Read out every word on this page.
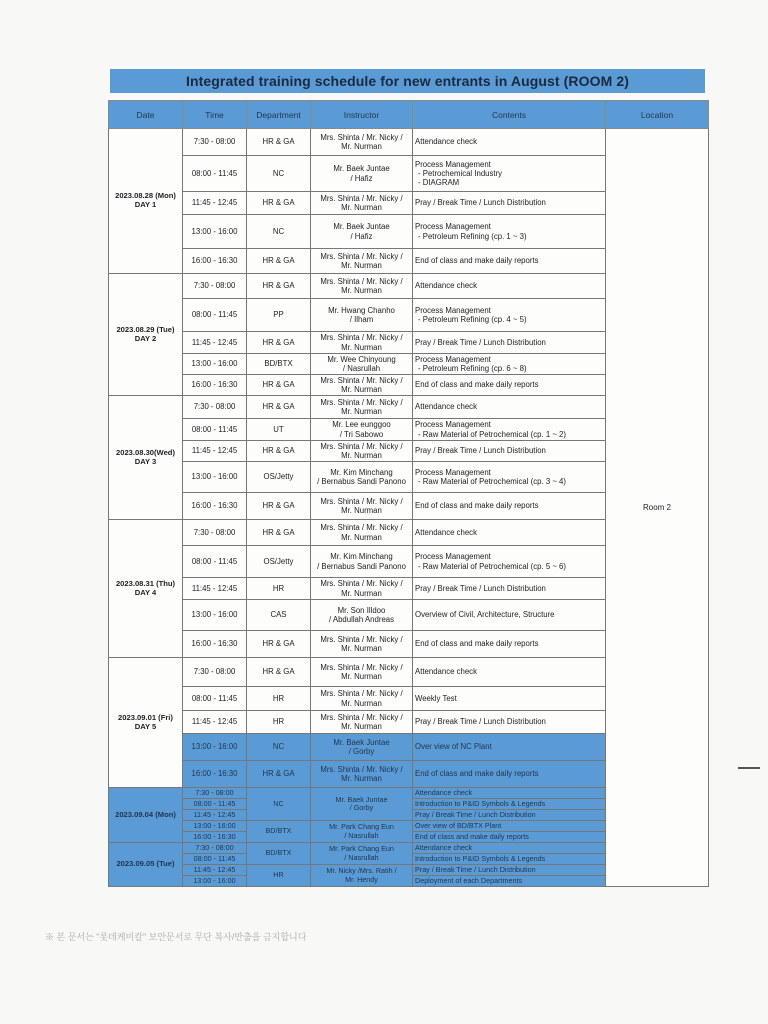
Integrated training schedule for new entrants in August (ROOM 2)
Date	Time	Department	Instructor	Contents	Location

2023.08.28 (Mon)
DAY 1	7:30 - 08:00	HR & GA	Mrs. Shinta / Mr. Nicky /
Mr. Nurman	Attendance check	Room 2
	08:00 - 11:45	NC	Mr. Baek Juntae
/ Hafiz	Process Management
- Petrochemical Industry
- DIAGRAM	

	11:45 - 12:45	HR & GA	Mrs. Shinta / Mr. Nicky /
Mr. Nurman	Pray / Break Time / Lunch Distribution	

	13:00 - 16:00	NC	Mr. Baek Juntae
/ Hafiz	Process Management
- Petroleum Refining (cp. 1 ~ 3)	

	16:00 - 16:30	HR & GA	Mrs. Shinta / Mr. Nicky /
Mr. Nurman	End of class and make daily reports	

2023.08.29 (Tue)
DAY 2	7:30 - 08:00	HR & GA	Mrs. Shinta / Mr. Nicky /
Mr. Nurman	Attendance check	

	08:00 - 11:45	PP	Mr. Hwang Chanho
/ Ilham	Process Management
- Petroleum Refining (cp. 4 ~ 5)	

	11:45 - 12:45	HR & GA	Mrs. Shinta / Mr. Nicky /
Mr. Nurman	Pray / Break Time / Lunch Distribution	

	13:00 - 16:00	BD/BTX	Mr. Wee Chinyoung
/ Nasrullah	Process Management
- Petroleum Refining (cp. 6 ~ 8)	

	16:00 - 16:30	HR & GA	Mrs. Shinta / Mr. Nicky /
Mr. Nurman	End of class and make daily reports	

2023.08.30(Wed)
DAY 3	7:30 - 08:00	HR & GA	Mrs. Shinta / Mr. Nicky /
Mr. Nurman	Attendance check	

	08:00 - 11:45	UT	Mr. Lee eunggoo
/ Tri Sabowo	Process Management
- Raw Material of Petrochemical (cp. 1 ~ 2)	

	11:45 - 12:45	HR & GA	Mrs. Shinta / Mr. Nicky /
Mr. Nurman	Pray / Break Time / Lunch Distribution	

	13:00 - 16:00	OS/Jetty	Mr. Kim Minchang
/ Bernabus Sandi Panono	Process Management
- Raw Material of Petrochemical (cp. 3 ~ 4)	

	16:00 - 16:30	HR & GA	Mrs. Shinta / Mr. Nicky /
Mr. Nurman	End of class and make daily reports	

2023.08.31 (Thu)
DAY 4	7:30 - 08:00	HR & GA	Mrs. Shinta / Mr. Nicky /
Mr. Nurman	Attendance check	

	08:00 - 11:45	OS/Jetty	Mr. Kim Minchang
/ Bernabus Sandi Panono	Process Management
- Raw Material of Petrochemical (cp. 5 ~ 6)	

	11:45 - 12:45	HR	Mrs. Shinta / Mr. Nicky /
Mr. Nurman	Pray / Break Time / Lunch Distribution	

	13:00 - 16:00	CAS	Mr. Son Illdoo
/ Abdullah Andreas	Overview of Civil, Architecture, Structure	

	16:00 - 16:30	HR & GA	Mrs. Shinta / Mr. Nicky /
Mr. Nurman	End of class and make daily reports	

2023.09.01 (Fri)
DAY 5	7:30 - 08:00	HR & GA	Mrs. Shinta / Mr. Nicky /
Mr. Nurman	Attendance check	

	08:00 - 11:45	HR	Mrs. Shinta / Mr. Nicky /
Mr. Nurman	Weekly Test	

	11:45 - 12:45	HR	Mrs. Shinta / Mr. Nicky /
Mr. Nurman	Pray / Break Time / Lunch Distribution	

	13:00 - 16:00	NC	Mr. Baek Juntae
/ Gorby	Over view of NC Plant	

	16:00 - 16:30	HR & GA	Mrs. Shinta / Mr. Nicky /
Mr. Nurman	End of class and make daily reports	

2023.09.04 (Mon)	7:30 - 08:00	NC	Mr. Baek Juntae
/ Gorby	Attendance check	
	08:00 - 11:45			Introduction to P&ID Symbols & Legends	
	11:45 - 12:45			Pray / Break Time / Lunch Distribution	
	13:00 - 16:00	BD/BTX	Mr. Park Chang Eun
/ Nasrullah	Over view of BD/BTX Plant	
	16:00 - 16:30			End of class and make daily reports	
2023.09.05 (Tue)	7:30 - 08:00	BD/BTX	Mr. Park Chang Eun
/ Nasrullah	Attendance check	
	08:00 - 11:45			Introduction to P&ID Symbols & Legends	
	11:45 - 12:45	HR	Mr. Nicky /Mrs. Ratih /
Mr. Hendy	Pray / Break Time / Lunch Distribution	
	13:00 - 16:00			Deployment of each Departments	
※ 본 문서는 "롯데케미칼" 보안문서로 무단 복사/반출을 금지합니다
